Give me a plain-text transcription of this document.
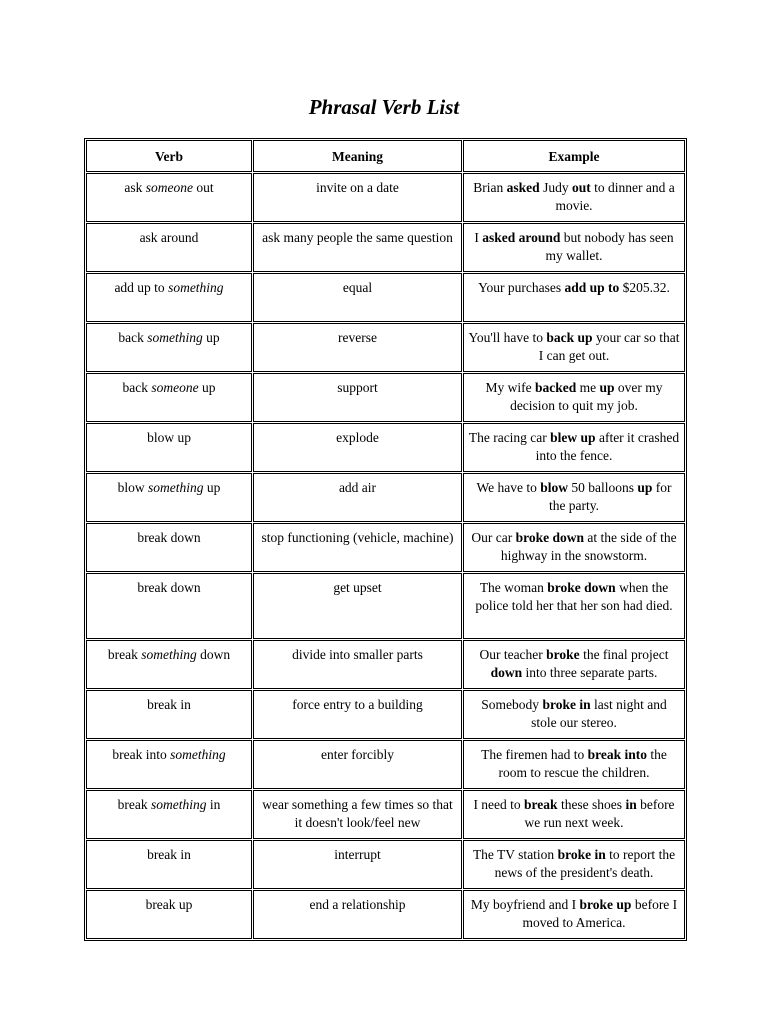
Phrasal Verb List
Verb	Meaning	Example
ask someone out	invite on a date	Brian asked Judy out to dinner and a movie.
ask around	ask many people the same question	I asked around but nobody has seen my wallet.
add up to something	equal	Your purchases add up to $205.32.
back something up	reverse	You'll have to back up your car so that I can get out.
back someone up	support	My wife backed me up over my decision to quit my job.
blow up	explode	The racing car blew up after it crashed into the fence.
blow something up	add air	We have to blow 50 balloons up for the party.
break down	stop functioning (vehicle, machine)	Our car broke down at the side of the highway in the snowstorm.
break down	get upset	The woman broke down when the police told her that her son had died.
break something down	divide into smaller parts	Our teacher broke the final project down into three separate parts.
break in	force entry to a building	Somebody broke in last night and stole our stereo.
break into something	enter forcibly	The firemen had to break into the room to rescue the children.
break something in	wear something a few times so that it doesn't look/feel new	I need to break these shoes in before we run next week.
break in	interrupt	The TV station broke in to report the news of the president's death.
break up	end a relationship	My boyfriend and I broke up before I moved to America.
